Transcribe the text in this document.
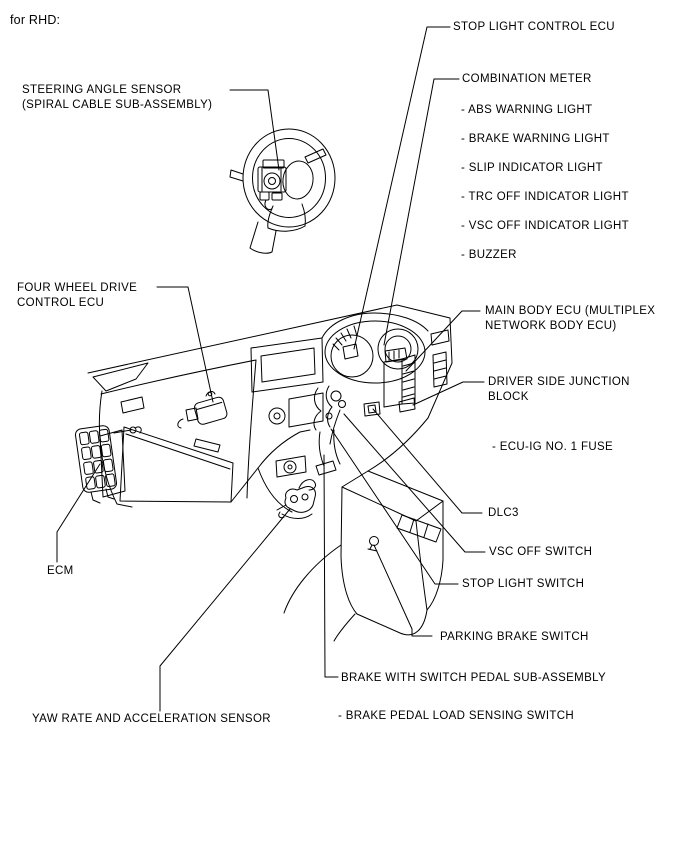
for RHD:
STEERING ANGLE SENSOR
(SPIRAL CABLE SUB-ASSEMBLY)
STOP LIGHT CONTROL ECU
COMBINATION METER
- ABS WARNING LIGHT
- BRAKE WARNING LIGHT
- SLIP INDICATOR LIGHT
- TRC OFF INDICATOR LIGHT
- VSC OFF INDICATOR LIGHT
- BUZZER
FOUR WHEEL DRIVE
CONTROL ECU
MAIN BODY ECU (MULTIPLEX
NETWORK BODY ECU)
DRIVER SIDE JUNCTION
BLOCK
- ECU-IG NO. 1 FUSE
DLC3
VSC OFF SWITCH
STOP LIGHT SWITCH
PARKING BRAKE SWITCH
BRAKE WITH SWITCH PEDAL SUB-ASSEMBLY
- BRAKE PEDAL LOAD SENSING SWITCH
ECM
YAW RATE AND ACCELERATION SENSOR
